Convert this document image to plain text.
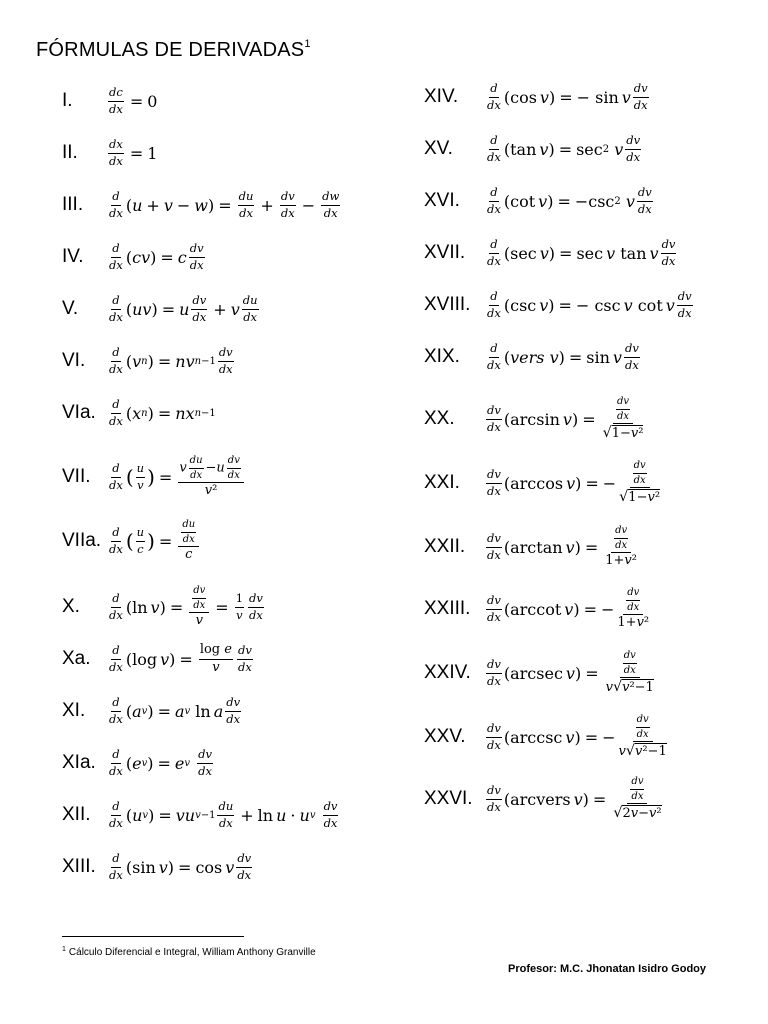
FÓRMULAS DE DERIVADAS$^1$
I.	$\frac{dc}{dx} = 0$
II.	$\frac{dx}{dx} = 1$
III.	$\frac{d}{dx}$ ( u + v − w ) = $\frac{du}{dx} + \frac{dv}{dx} - \frac{dw}{dx}$
IV.	$\frac{d}{dx}$ ( cv ) = c $\frac{dv}{dx}$
V.	$\frac{d}{dx}$ ( uv ) = u $\frac{dv}{dx} + v \frac{du}{dx}$
VI.	$\frac{d}{dx}$ ( v n ) = nv $n-1 \frac{dv}{dx}$
VIa.	$\frac{d}{dx}$ ( x n ) = nx n−1
VII.	$\frac{d}{dx}$ ( $\frac{u}{v}$ ) = $\frac{v \frac{du}{dx} -u \frac{dv}{dx}}{\text{v²}}$
VIIa. $\frac{d}{dx}$ ( $\frac{u}{c}$ ) = $\frac{\frac{du}{dx}}{c}$
X.	$\frac{d}{dx}$ ( ln v ) = $\frac{\frac{dv}{dx}}{v} = \frac{1}{v} \frac{dv}{dx}$
Xa.	$\frac{d}{dx}$ ( log v ) = $\frac{\text{log e}}{v} \frac{dv}{dx}$
XI.	$\frac{d}{dx}$ ( a v ) = a v
ln a $\frac{dv}{dx}$
XIa.	$\frac{d}{dx}$ ( e v ) = e v
$\frac{dv}{dx}$
XII.	$\frac{d}{dx}$ ( u v ) = vu $v-1 \frac{du}{dx} + \ln u \cdot u$ v
$\frac{dv}{dx}$
XIII.	$\frac{d}{dx}$ ( sin v ) = cos v $\frac{dv}{dx}$
XIV.	$\frac{d}{dx}$ ( cos v ) = − sin v $\frac{dv}{dx}$
XV.	$\frac{d}{dx}$ ( tan v ) = sec 2
v $\frac{dv}{dx}$
XVI.	$\frac{d}{dx}$ ( cot v ) = −csc 2
v $\frac{dv}{dx}$
XVII.	$\frac{d}{dx}$ ( sec v ) = sec v
tan v $\frac{dv}{dx}$
XVIII.	$\frac{d}{dx}$ ( csc v ) = − csc v
cot v $\frac{dv}{dx}$
XIX.	$\frac{d}{dx}$ ( vers v ) = sin v $\frac{dv}{dx}$
XX.	$\frac{dv}{dx}$ ( arcsin v ) = $\frac{\frac{dv}{dx}}{\text{√1−v²}}$
XXI.	$\frac{dv}{dx}$ ( arccos v ) = − $\frac{\frac{dv}{dx}}{\text{√1−v²}}$
XXII.	$\frac{dv}{dx}$ ( arctan v ) = $\frac{\frac{dv}{dx}}{\text{1+v²}}$
XXIII.	$\frac{dv}{dx}$ ( arccot v ) = − $\frac{\frac{dv}{dx}}{\text{1+v²}}$
XXIV.	$\frac{dv}{dx}$ ( arcsec v ) = $\frac{\frac{dv}{dx}}{\text{v√v²−1}}$
XXV.	$\frac{dv}{dx}$ ( arccsc v ) = − $\frac{\frac{dv}{dx}}{\text{v√v²−1}}$
XXVI.	$\frac{dv}{dx}$ ( arcvers v ) = $\frac{\frac{dv}{dx}}{\text{√2v−v²}}$
$^1$ Cálculo Diferencial e Integral, William Anthony Granville
Profesor: M.C. Jhonatan Isidro Godoy
